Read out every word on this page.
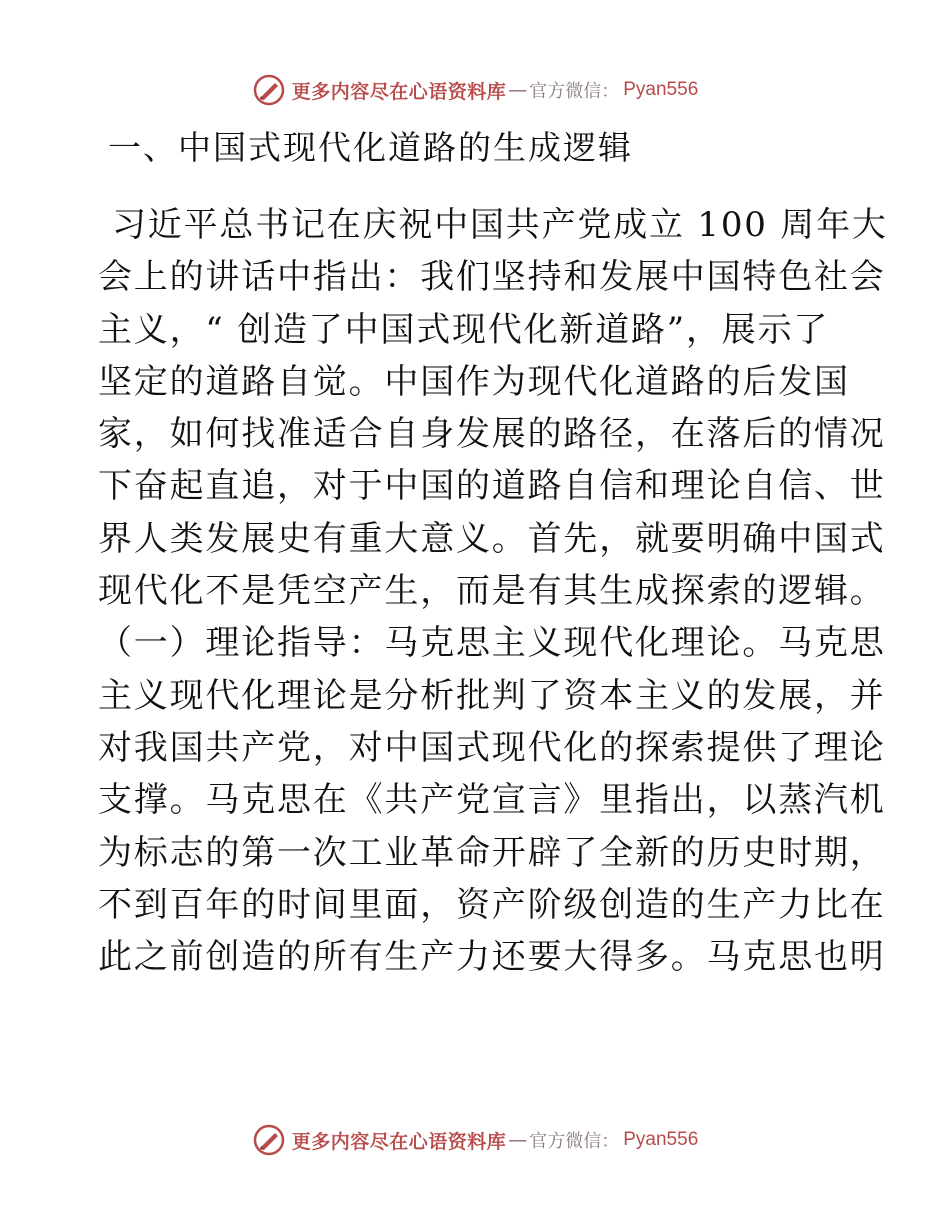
更多内容尽在心语资料库 — 官方微信： Pyan556
一、中国式现代化道路的生成逻辑
习近平总书记在庆祝中国共产党成立 100 周年大
会上的讲话中指出：我们坚持和发展中国特色社会
主义，“ 创造了中国式现代化新道路”，展示了
坚定的道路自觉。中国作为现代化道路的后发国
家，如何找准适合自身发展的路径，在落后的情况
下奋起直追，对于中国的道路自信和理论自信、世
界人类发展史有重大意义。首先，就要明确中国式
现代化不是凭空产生，而是有其生成探索的逻辑。
（一）理论指导：马克思主义现代化理论。马克思
主义现代化理论是分析批判了资本主义的发展，并
对我国共产党，对中国式现代化的探索提供了理论
支撑。马克思在《共产党宣言》里指出，以蒸汽机
为标志的第一次工业革命开辟了全新的历史时期，
不到百年的时间里面，资产阶级创造的生产力比在
此之前创造的所有生产力还要大得多。马克思也明
更多内容尽在心语资料库 — 官方微信： Pyan556
